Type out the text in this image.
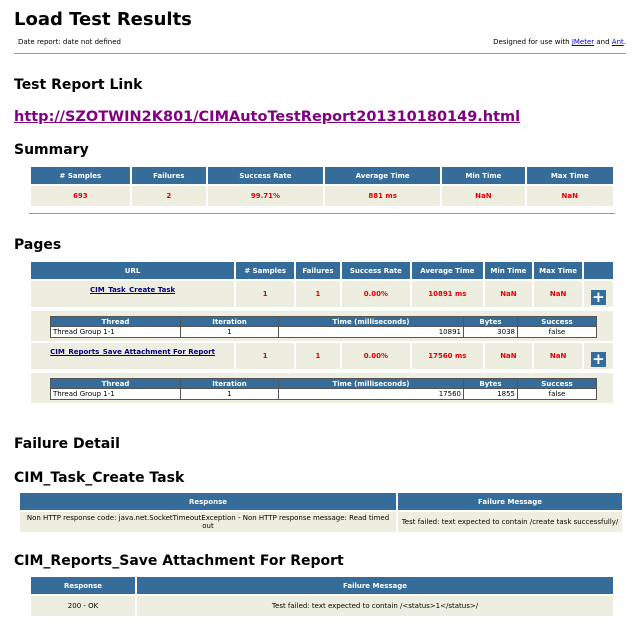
Load Test Results
Date report: date not defined	Designed for use with JMeter and Ant.
Test Report Link
http://SZOTWIN2K801/CIMAutoTestReport201310180149.html
Summary
# Samples	Failures	Success Rate	Average Time	Min Time	Max Time
693	2	99.71%	881 ms	NaN	NaN
Pages
URL	# Samples	Failures	Success Rate	Average Time	Min Time	Max Time	
CIM_Task_Create Task	1	1	0.00%	10891 ms	NaN	NaN	+
Thread	Iteration	Time (milliseconds)	Bytes	Success
Thread Group 1-1	1	10891	3038	false
CIM_Reports_Save Attachment For Report	1	1	0.00%	17560 ms	NaN	NaN	+
Thread	Iteration	Time (milliseconds)	Bytes	Success
Thread Group 1-1	1	17560	1855	false
Failure Detail
CIM_Task_Create Task
Response	Failure Message
Non HTTP response code: java.net.SocketTimeoutException - Non HTTP response message: Read timed out	Test failed: text expected to contain /create task successfully/
CIM_Reports_Save Attachment For Report
Response	Failure Message
200 - OK	Test failed: text expected to contain /<status>1</status>/
